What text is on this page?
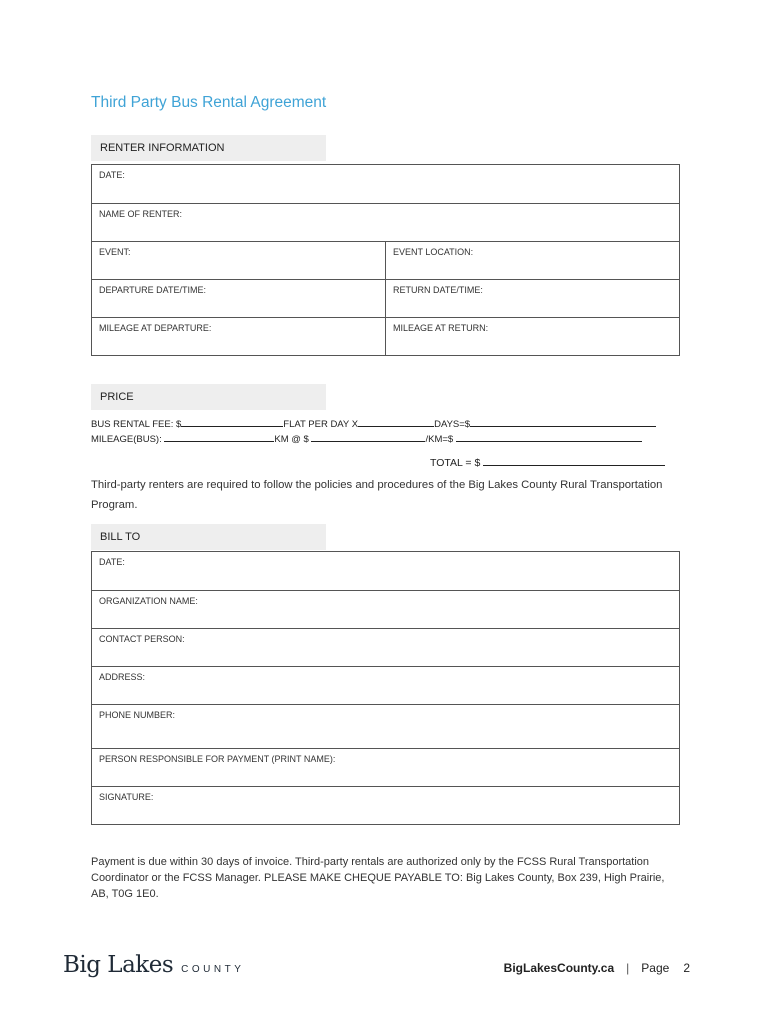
Third Party Bus Rental Agreement
RENTER INFORMATION
DATE:
NAME OF RENTER:
EVENT:	EVENT LOCATION:
DEPARTURE DATE/TIME:	RETURN DATE/TIME:
MILEAGE AT DEPARTURE:	MILEAGE AT RETURN:
PRICE
BUS RENTAL FEE: $	FLAT PER DAY X	DAYS=$
MILEAGE(BUS):	KM @ $	/KM=$
TOTAL = $
Third-party renters are required to follow the policies and procedures of the Big Lakes County Rural Transportation Program.
BILL TO
DATE:
ORGANIZATION NAME:
CONTACT PERSON:
ADDRESS:
PHONE NUMBER:
PERSON RESPONSIBLE FOR PAYMENT (PRINT NAME):
SIGNATURE:
Payment is due within 30 days of invoice. Third-party rentals are authorized only by the FCSS Rural Transportation Coordinator or the FCSS Manager. PLEASE MAKE CHEQUE PAYABLE TO: Big Lakes County, Box 239, High Prairie, AB, T0G 1E0.
Big Lakes COUNTY	BigLakesCounty.ca | Page 2
